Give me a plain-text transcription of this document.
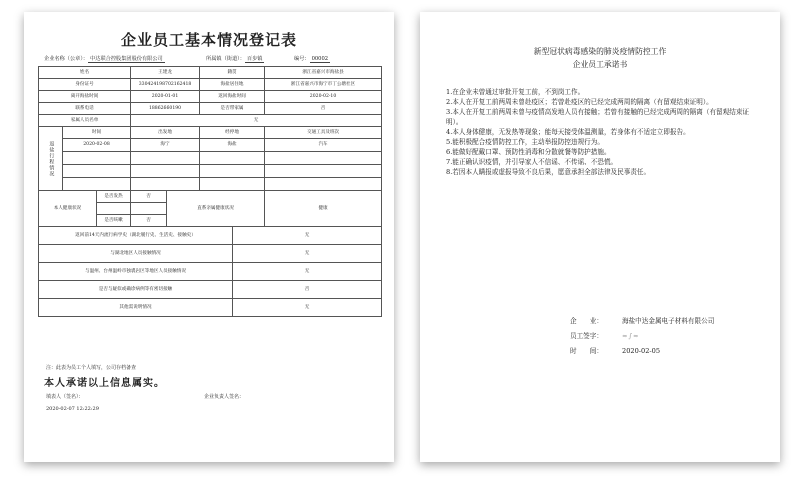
企业员工基本情况登记表
企业名称（公章）： 中达联合控股集团股份有限公司	所属镇（街道）： 百步镇	编号： 00002
姓名			王建龙		籍贯		浙江省嘉兴市海盐县
身份证号			330424198702162418		海盐居住地		浙江省嘉兴市海宁市丁公塘社区
离开海盐时间			2020-01-01		返回海盐时间		2020-02-10
联系电话			18862660190		是否带家属		否
家属人员名单			无				

返盐行程情况	时间		出发地		经停地		交通工具及班次
	2020-02-08		海宁		海盐		汽车

本人健康状况		是否发热	否	直系亲属健康状况			健康

		是否咳嗽	否				
返回前14天内流行病学史（湖北履行史、生活史、接触史）						无	
与湖北地区人员接触情况						无	
与温州、台州温岭市独裘岩区等地区人员接触情况						无	
是否与疑似或确诊病例等有密切接触						否	
其他需说明情况						无	
注：此表为员工个人填写，公司存档备查
本人承诺以上信息属实。
填表人（签名）：	企业负责人签名：
2020-02-07 12:22:29
新型冠状病毒感染的肺炎疫情防控工作
企业员工承诺书
1.在企业未曾通过审批开复工前，不到岗工作。
2.本人在开复工前两周未曾赴疫区；若曾赴疫区的已经完成两周的隔离（有留观结束证明）。
3.本人在开复工前两周未曾与疫情高发地人员有接触；若曾有接触的已经完成两周的隔离（有留观结束证明）。
4.本人身体健康，无发热等现象；能每天接受体温测量，若身体有不适定立即报告。
5.能积极配合疫情防控工作，主动举报防控违规行为。
6.能做好配戴口罩、预防性消毒和分散就餐等防护措施。
7.能正确认识疫情，并引导家人不信谣、不传谣、不恐慌。
8.若因本人瞒报或虚报导致不良后果，愿意承担全部法律及民事责任。
企　　业：	海盐中达金属电子材料有限公司
员工签字：	≈∫≈
时　　间：	2020-02-05
